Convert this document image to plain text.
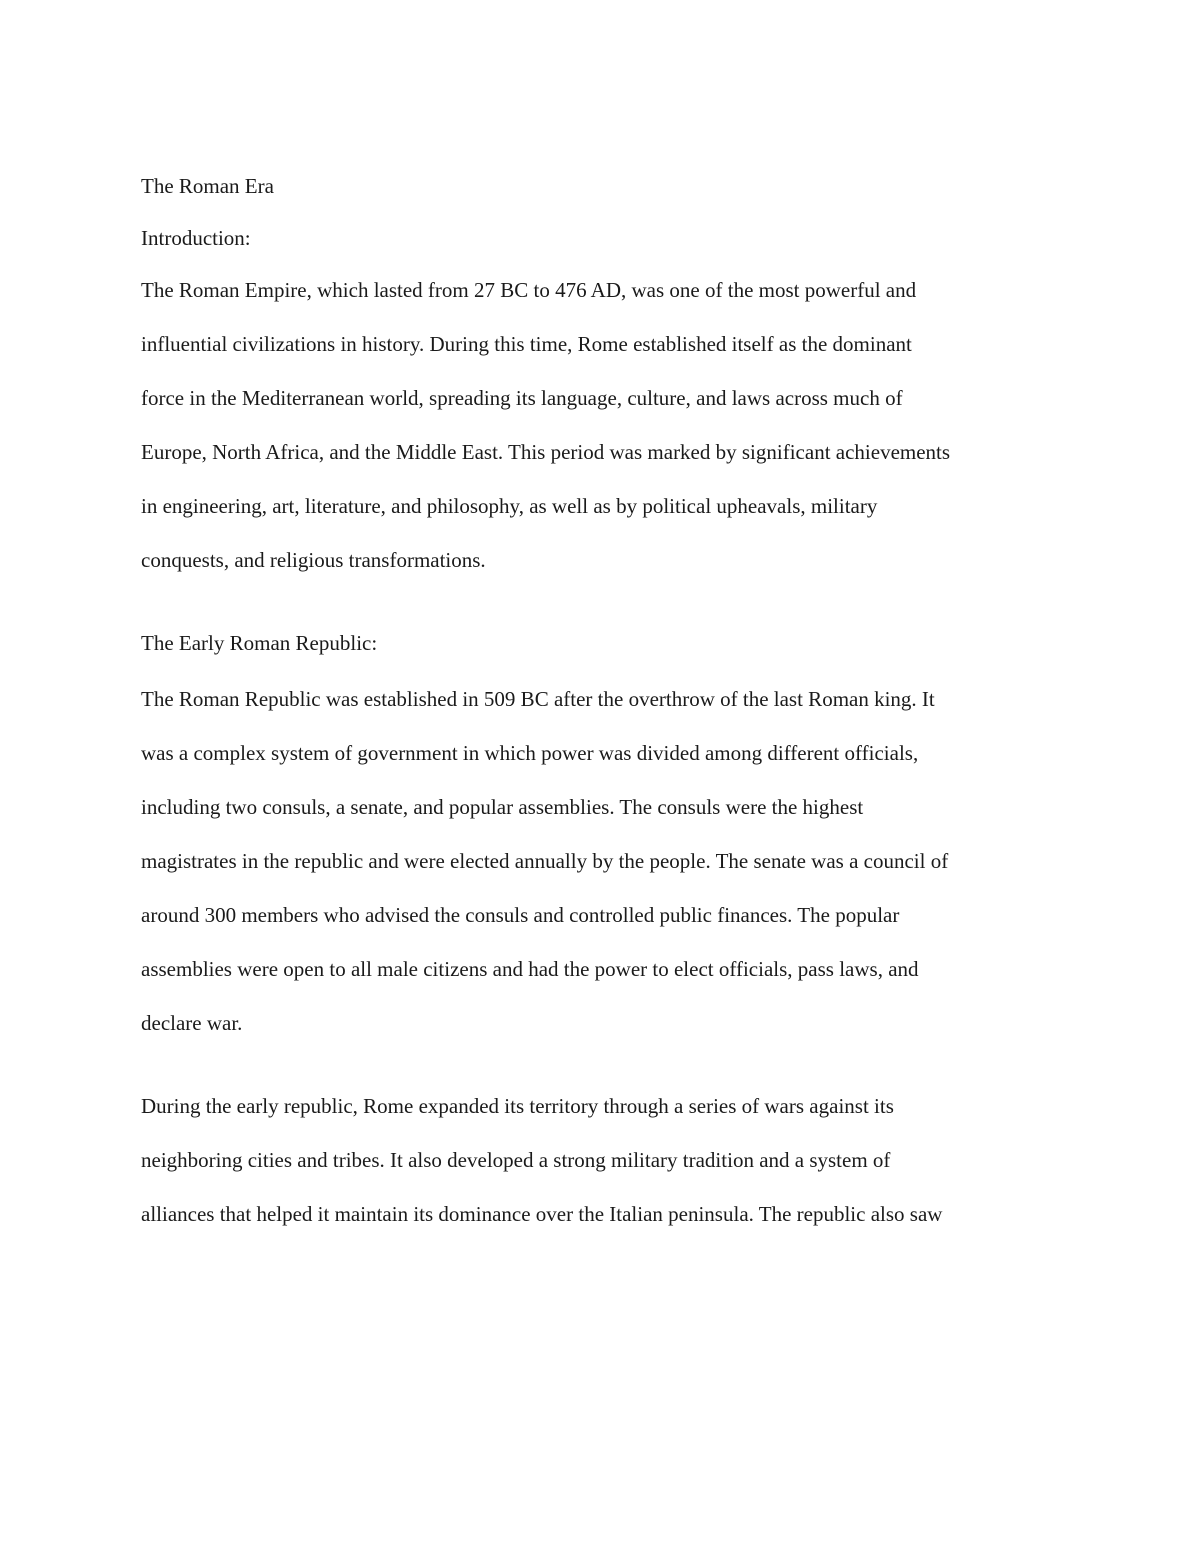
The Roman Era
Introduction:
The Roman Empire, which lasted from 27 BC to 476 AD, was one of the most powerful and
influential civilizations in history. During this time, Rome established itself as the dominant
force in the Mediterranean world, spreading its language, culture, and laws across much of
Europe, North Africa, and the Middle East. This period was marked by significant achievements
in engineering, art, literature, and philosophy, as well as by political upheavals, military
conquests, and religious transformations.
The Early Roman Republic:
The Roman Republic was established in 509 BC after the overthrow of the last Roman king. It
was a complex system of government in which power was divided among different officials,
including two consuls, a senate, and popular assemblies. The consuls were the highest
magistrates in the republic and were elected annually by the people. The senate was a council of
around 300 members who advised the consuls and controlled public finances. The popular
assemblies were open to all male citizens and had the power to elect officials, pass laws, and
declare war.
During the early republic, Rome expanded its territory through a series of wars against its
neighboring cities and tribes. It also developed a strong military tradition and a system of
alliances that helped it maintain its dominance over the Italian peninsula. The republic also saw
